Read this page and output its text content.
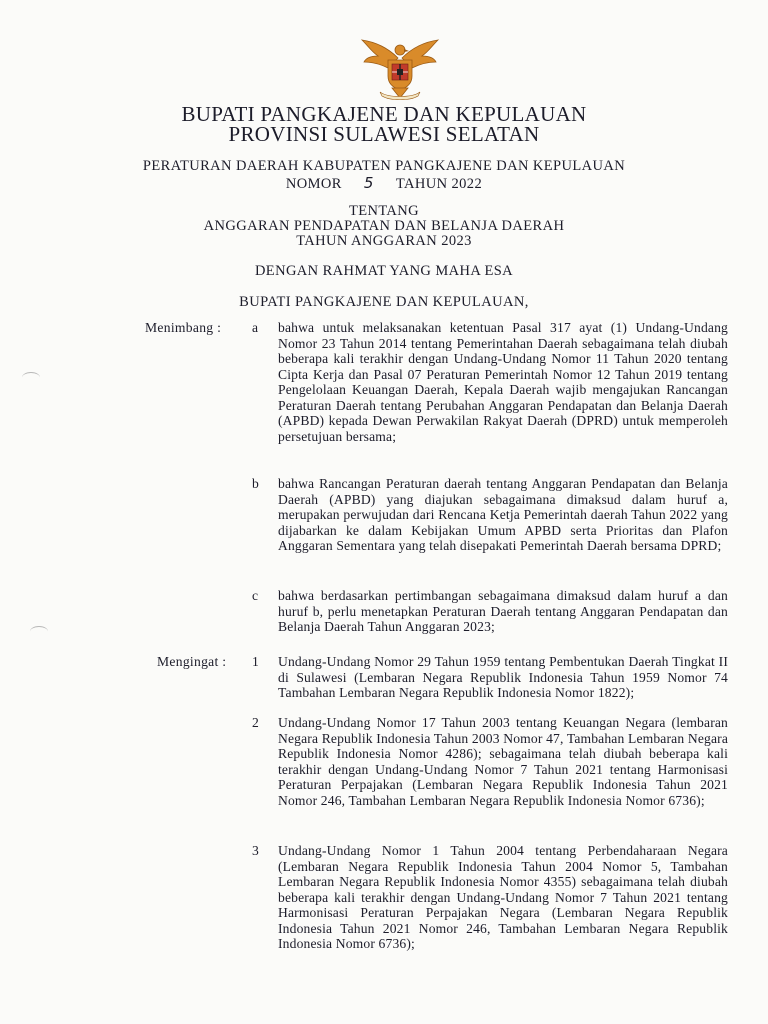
BUPATI PANGKAJENE DAN KEPULAUAN
PROVINSI SULAWESI SELATAN
PERATURAN DAERAH KABUPATEN PANGKAJENE DAN KEPULAUAN
NOMOR 5 TAHUN 2022
TENTANG
ANGGARAN PENDAPATAN DAN BELANJA DAERAH
TAHUN ANGGARAN 2023
DENGAN RAHMAT YANG MAHA ESA
BUPATI PANGKAJENE DAN KEPULAUAN,
Menimbang : a	bahwa untuk melaksanakan ketentuan Pasal 317 ayat (1) Undang-Undang Nomor 23 Tahun 2014 tentang Pemerintahan Daerah sebagaimana telah diubah beberapa kali terakhir dengan Undang-Undang Nomor 11 Tahun 2020 tentang Cipta Kerja dan Pasal 07 Peraturan Pemerintah Nomor 12 Tahun 2019 tentang Pengelolaan Keuangan Daerah, Kepala Daerah wajib mengajukan Rancangan Peraturan Daerah tentang Perubahan Anggaran Pendapatan dan Belanja Daerah (APBD) kepada Dewan Perwakilan Rakyat Daerah (DPRD) untuk memperoleh persetujuan bersama;

b	bahwa Rancangan Peraturan daerah tentang Anggaran Pendapatan dan Belanja Daerah (APBD) yang diajukan sebagaimana dimaksud dalam huruf a, merupakan perwujudan dari Rencana Ketja Pemerintah daerah Tahun 2022 yang dijabarkan ke dalam Kebijakan Umum APBD serta Prioritas dan Plafon Anggaran Sementara yang telah disepakati Pemerintah Daerah bersama DPRD;

c	bahwa berdasarkan pertimbangan sebagaimana dimaksud dalam huruf a dan huruf b, perlu menetapkan Peraturan Daerah tentang Anggaran Pendapatan dan Belanja Daerah Tahun Anggaran 2023;

Mengingat : 1	Undang-Undang Nomor 29 Tahun 1959 tentang Pembentukan Daerah Tingkat II di Sulawesi (Lembaran Negara Republik Indonesia Tahun 1959 Nomor 74 Tambahan Lembaran Negara Republik Indonesia Nomor 1822);

2	Undang-Undang Nomor 17 Tahun 2003 tentang Keuangan Negara (lembaran Negara Republik Indonesia Tahun 2003 Nomor 47, Tambahan Lembaran Negara Republik Indonesia Nomor 4286); sebagaimana telah diubah beberapa kali terakhir dengan Undang-Undang Nomor 7 Tahun 2021 tentang Harmonisasi Peraturan Perpajakan (Lembaran Negara Republik Indonesia Tahun 2021 Nomor 246, Tambahan Lembaran Negara Republik Indonesia Nomor 6736);

3	Undang-Undang Nomor 1 Tahun 2004 tentang Perbendaharaan Negara (Lembaran Negara Republik Indonesia Tahun 2004 Nomor 5, Tambahan Lembaran Negara Republik Indonesia Nomor 4355) sebagaimana telah diubah beberapa kali terakhir dengan Undang-Undang Nomor 7 Tahun 2021 tentang Harmonisasi Peraturan Perpajakan Negara (Lembaran Negara Republik Indonesia Tahun 2021 Nomor 246, Tambahan Lembaran Negara Republik Indonesia Nomor 6736);
